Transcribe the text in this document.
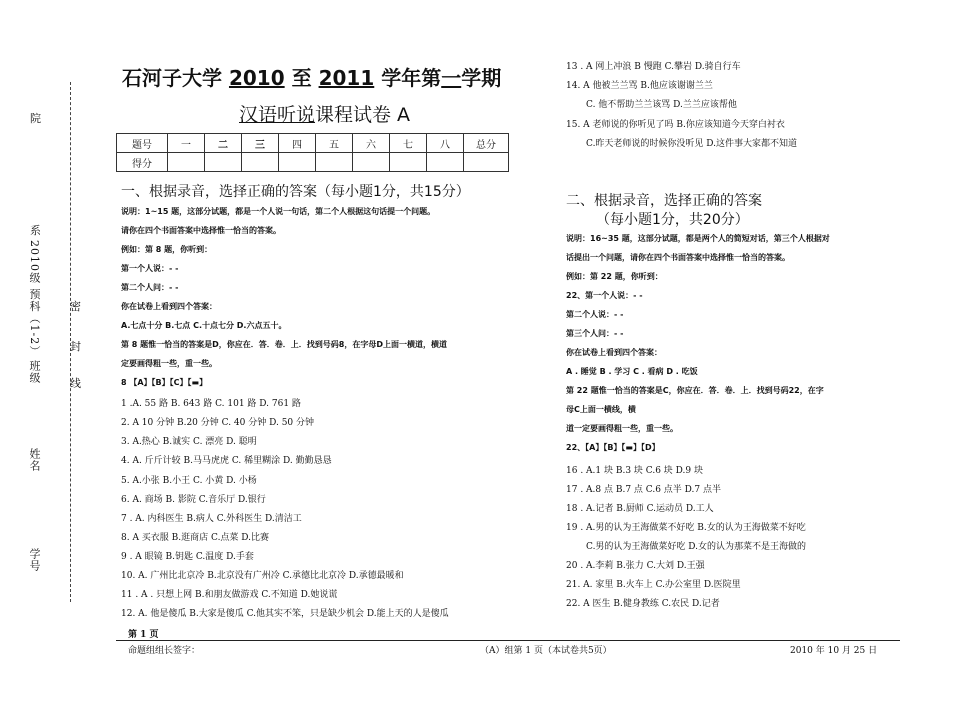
院
系
2010级 预科（1-2）
班级
姓名
学号
密
封
线
石河子大学 2010 至 2011 学年第一学期
汉语听说课程试卷 A
题号	一	二	三	四	五	六	七	八	总分
得分									
一、根据录音，选择正确的答案（每小题1分，共15分）
说明：1~15 题，这部分试题，都是一个人说一句话，第二个人根据这句话提一个问题。
请你在四个书面答案中选择惟一恰当的答案。
例如：第 8 题，你听到：
第一个人说：- -
第二个人问：- -
你在试卷上看到四个答案：
A.七点十分 B.七点 C.十点七分 D.六点五十。
第 8 题惟一恰当的答案是D，你应在．答．卷．上．找到号码8，在字母D上面一横道，横道
定要画得粗一些，重一些。
8 【A】【B】【C】【▬】
1 .A. 55 路 B. 643 路 C. 101 路 D. 761 路
2. A 10 分钟 B.20 分钟 C. 40 分钟 D. 50 分钟
3. A.热心 B.诚实 C. 漂亮 D. 聪明
4. A. 斤斤计较 B.马马虎虎 C. 稀里糊涂 D. 勤勤恳恳
5. A.小张 B.小王 C. 小黄 D. 小杨
6. A. 商场 B. 影院 C.音乐厅 D.银行
7 . A. 内科医生 B.病人 C.外科医生 D.清洁工
8. A 买衣服 B.逛商店 C.点菜 D.比赛
9 . A 眼镜 B.钥匙 C.温度 D.手套
10. A. 广州比北京冷 B.北京没有广州冷 C.承德比北京冷 D.承德最暖和
11 . A . 只想上网 B.和朋友做游戏 C.不知道 D.她说谎
12. A. 他是傻瓜 B.大家是傻瓜 C.他其实不笨，只是缺少机会 D.能上天的人是傻瓜
13 . A 网上冲浪 B 慢跑 C.攀岩 D.骑自行车
14. A 他被兰兰骂 B.他应该谢谢兰兰
C. 他不帮助兰兰该骂 D.兰兰应该帮他
15. A 老师说的你听见了吗 B.你应该知道今天穿白衬衣
C.昨天老师说的时候你没听见 D.这件事大家都不知道
二、根据录音，选择正确的答案
（每小题1分，共20分）
说明：16~35 题，这部分试题，都是两个人的简短对话，第三个人根据对
话提出一个问题，请你在四个书面答案中选择惟一恰当的答案。
例如：第 22 题，你听到：
22、第一个人说：- -
第二个人说：- -
第三个人问：- -
你在试卷上看到四个答案：
A . 睡觉 B . 学习 C . 看病 D . 吃饭
第 22 题惟一恰当的答案是C，你应在．答．卷．上．找到号码22，在字
母C上面一横线，横
道一定要画得粗一些，重一些。
22、【A】【B】【▬】【D】
16 . A.1 块 B.3 块 C.6 块 D.9 块
17 . A.8 点 B.7 点 C.6 点半 D.7 点半
18 . A.记者 B.厨师 C.运动员 D.工人
19 . A.男的认为王海做菜不好吃 B.女的认为王海做菜不好吃
C.男的认为王海做菜好吃 D.女的认为那菜不是王海做的
20 . A.李莉 B.张力 C.大刘 D.王强
21. A. 家里 B.火车上 C.办公室里 D.医院里
22. A 医生 B.健身教练 C.农民 D.记者
第 1 页
命题组组长签字：	（A）组第 1 页（本试卷共5页）	2010 年 10 月 25 日
